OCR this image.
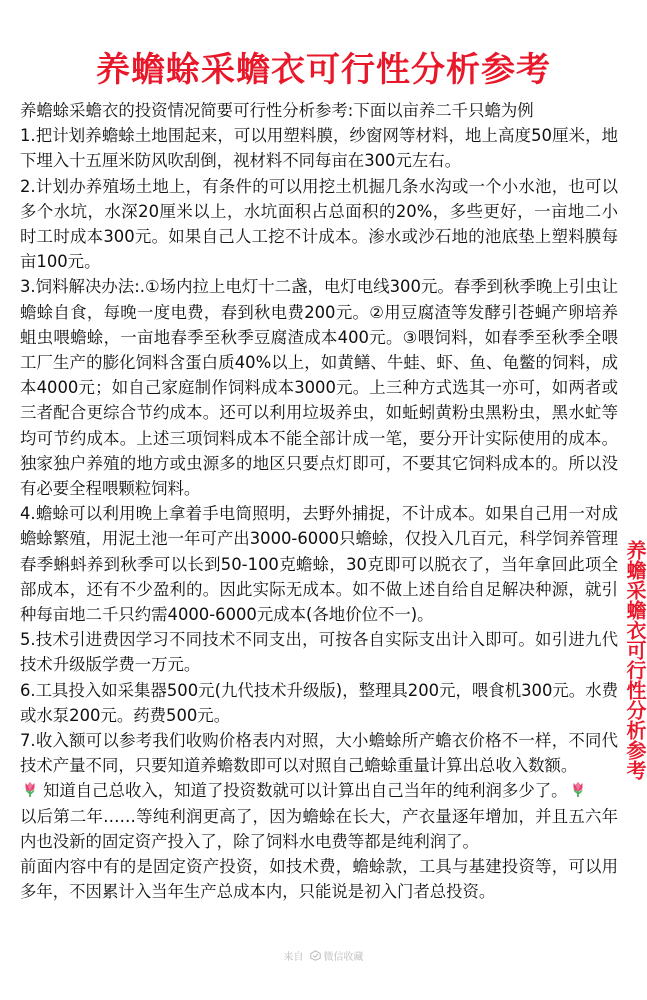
养蟾蜍采蟾衣可行性分析参考

养蟾蜍采蟾衣的投资情况简要可行性分析参考:下面以亩养二千只蟾为例

1.把计划养蟾蜍土地围起来，可以用塑料膜，纱窗网等材料，地上高度50厘米，地下埋入十五厘米防风吹刮倒，视材料不同每亩在300元左右。

2.计划办养殖场土地上，有条件的可以用挖土机掘几条水沟或一个小水池，也可以多个水坑，水深20厘米以上，水坑面积占总面积的20%，多些更好，一亩地二小时工时成本300元。如果自己人工挖不计成本。渗水或沙石地的池底垫上塑料膜每亩100元。

3.饲料解决办法:.①场内拉上电灯十二盏，电灯电线300元。春季到秋季晚上引虫让蟾蜍自食，每晚一度电费，春到秋电费200元。②用豆腐渣等发酵引苍蝇产卵培养蛆虫喂蟾蜍，一亩地春季至秋季豆腐渣成本400元。③喂饲料，如春季至秋季全喂工厂生产的膨化饲料含蛋白质40%以上，如黄鳝、牛蛙、虾、鱼、龟鳖的饲料，成本4000元；如自己家庭制作饲料成本3000元。上三种方式选其一亦可，如两者或三者配合更综合节约成本。还可以利用垃圾养虫，如蚯蚓黄粉虫黑粉虫，黑水虻等均可节约成本。上述三项饲料成本不能全部计成一笔，要分开计实际使用的成本。独家独户养殖的地方或虫源多的地区只要点灯即可，不要其它饲料成本的。所以没有必要全程喂颗粒饲料。

4.蟾蜍可以利用晚上拿着手电筒照明，去野外捕捉，不计成本。如果自己用一对成蟾蜍繁殖，用泥土池一年可产出3000-6000只蟾蜍，仅投入几百元，科学饲养管理春季蝌蚪养到秋季可以长到50-100克蟾蜍，30克即可以脱衣了，当年拿回此项全部成本，还有不少盈利的。因此实际无成本。如不做上述自给自足解决种源，就引种每亩地二千只约需4000-6000元成本(各地价位不一)。

5.技术引进费因学习不同技术不同支出，可按各自实际支出计入即可。如引进九代技术升级版学费一万元。

6.工具投入如采集器500元(九代技术升级版)，整理具200元，喂食机300元。水费或水泵200元。药费500元。

7.收入额可以参考我们收购价格表内对照，大小蟾蜍所产蟾衣价格不一样，不同代技术产量不同，只要知道养蟾数即可以对照自己蟾蜍重量计算出总收入数额。

知道自己总收入，知道了投资数就可以计算出自己当年的纯利润多少了。

以后第二年……等纯利润更高了，因为蟾蜍在长大，产衣量逐年增加，并且五六年内也没新的固定资产投入了，除了饲料水电费等都是纯利润了。

前面内容中有的是固定资产投资，如技术费，蟾蜍款，工具与基建投资等，可以用多年，不因累计入当年生产总成本内，只能说是初入门者总投资。

养蟾采蟾衣可行性分析参考
来自 微信收藏
